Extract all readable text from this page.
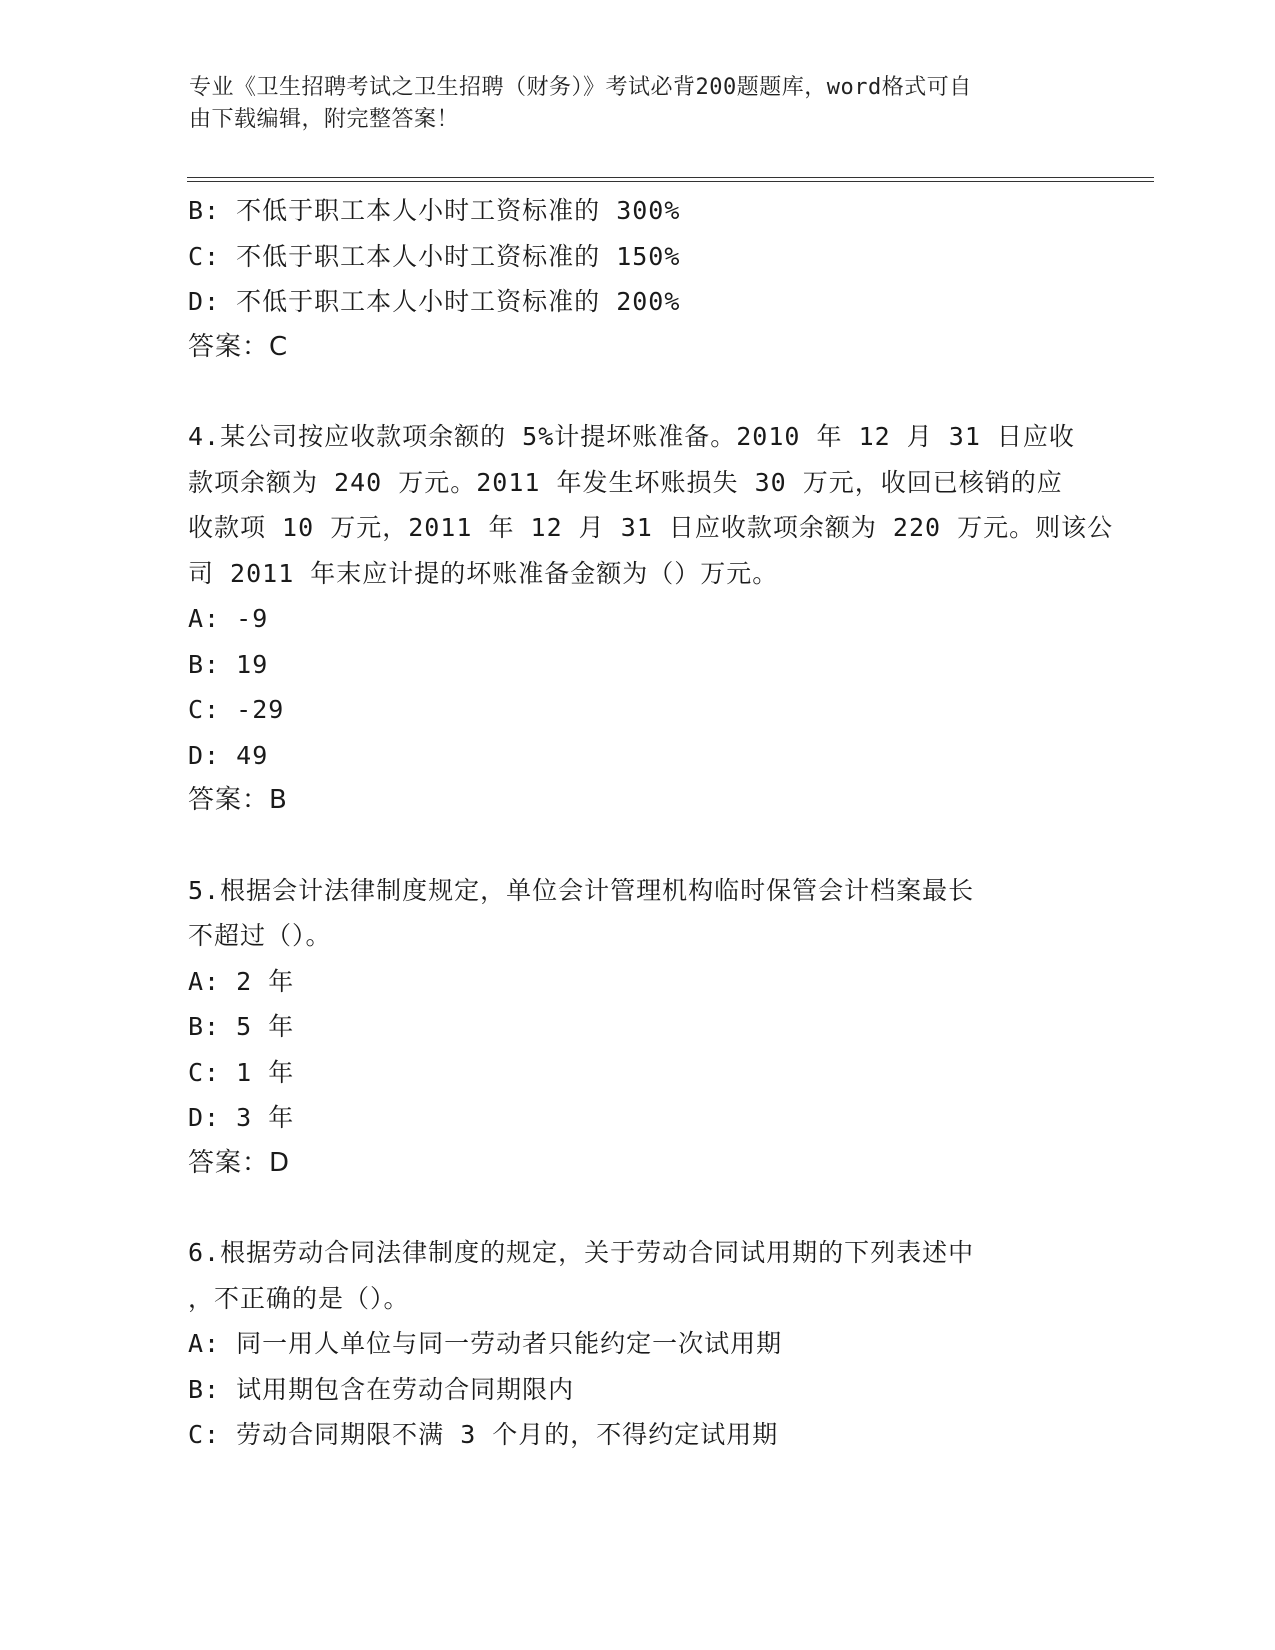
专业《卫生招聘考试之卫生招聘（财务）》考试必背200题题库，word格式可自
由下载编辑，附完整答案！
B: 不低于职工本人小时工资标准的 300%
C: 不低于职工本人小时工资标准的 150%
D: 不低于职工本人小时工资标准的 200%
答案：C
4.某公司按应收款项余额的 5%计提坏账准备。2010 年 12 月 31 日应收
款项余额为 240 万元。2011 年发生坏账损失 30 万元，收回已核销的应
收款项 10 万元，2011 年 12 月 31 日应收款项余额为 220 万元。则该公
司 2011 年末应计提的坏账准备金额为（）万元。
A: -9
B: 19
C: -29
D: 49
答案：B
5.根据会计法律制度规定，单位会计管理机构临时保管会计档案最长
不超过（）。
A: 2 年
B: 5 年
C: 1 年
D: 3 年
答案：D
6.根据劳动合同法律制度的规定，关于劳动合同试用期的下列表述中
，不正确的是（）。
A: 同一用人单位与同一劳动者只能约定一次试用期
B: 试用期包含在劳动合同期限内
C: 劳动合同期限不满 3 个月的，不得约定试用期
